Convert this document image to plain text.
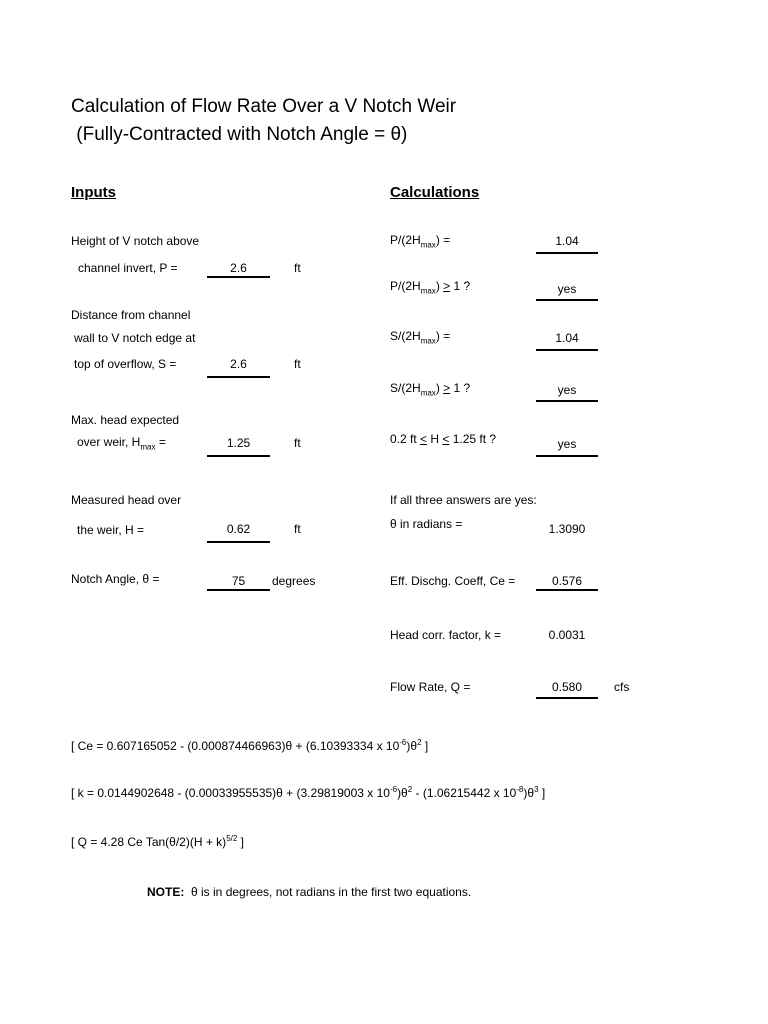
Calculation of Flow Rate Over a V Notch Weir
(Fully-Contracted with Notch Angle = θ)
Inputs	Calculations
Height of V notch above
channel invert, P =	2.6	ft
Distance from channel
wall to V notch edge at
top of overflow, S =	2.6	ft
Max. head expected
over weir, $H_{max}$ =	1.25	ft
Measured head over
the weir, H =	0.62	ft
Notch Angle, θ =	75	degrees
$P/(2H_{max})$ =	1.04
$P/(2H_{max}) > 1$ ?	yes
$S/(2H_{max})$ =	1.04
$S/(2H_{max}) > 1$ ?	yes
0.2 ft < H < 1.25 ft ?	yes
If all three answers are yes:
θ in radians =	1.3090
Eff. Dischg. Coeff, Ce =	0.576
Head corr. factor, k =	0.0031
Flow Rate, Q =	0.580	cfs
[ Ce = 0.607165052 - (0.000874466963)θ + (6.10393334 x $10^{-6})\theta^2$ ]
[ k = 0.0144902648 - (0.00033955535)θ + (3.29819003 x $10^{-6})\theta^2 - (1.06215442$ x $10^{-8})\theta^3$ ]
[ Q = 4.28 Ce $Tan(\theta/2)(H + k)^{5/2}$ ]
NOTE:  θ is in degrees, not radians in the first two equations.
